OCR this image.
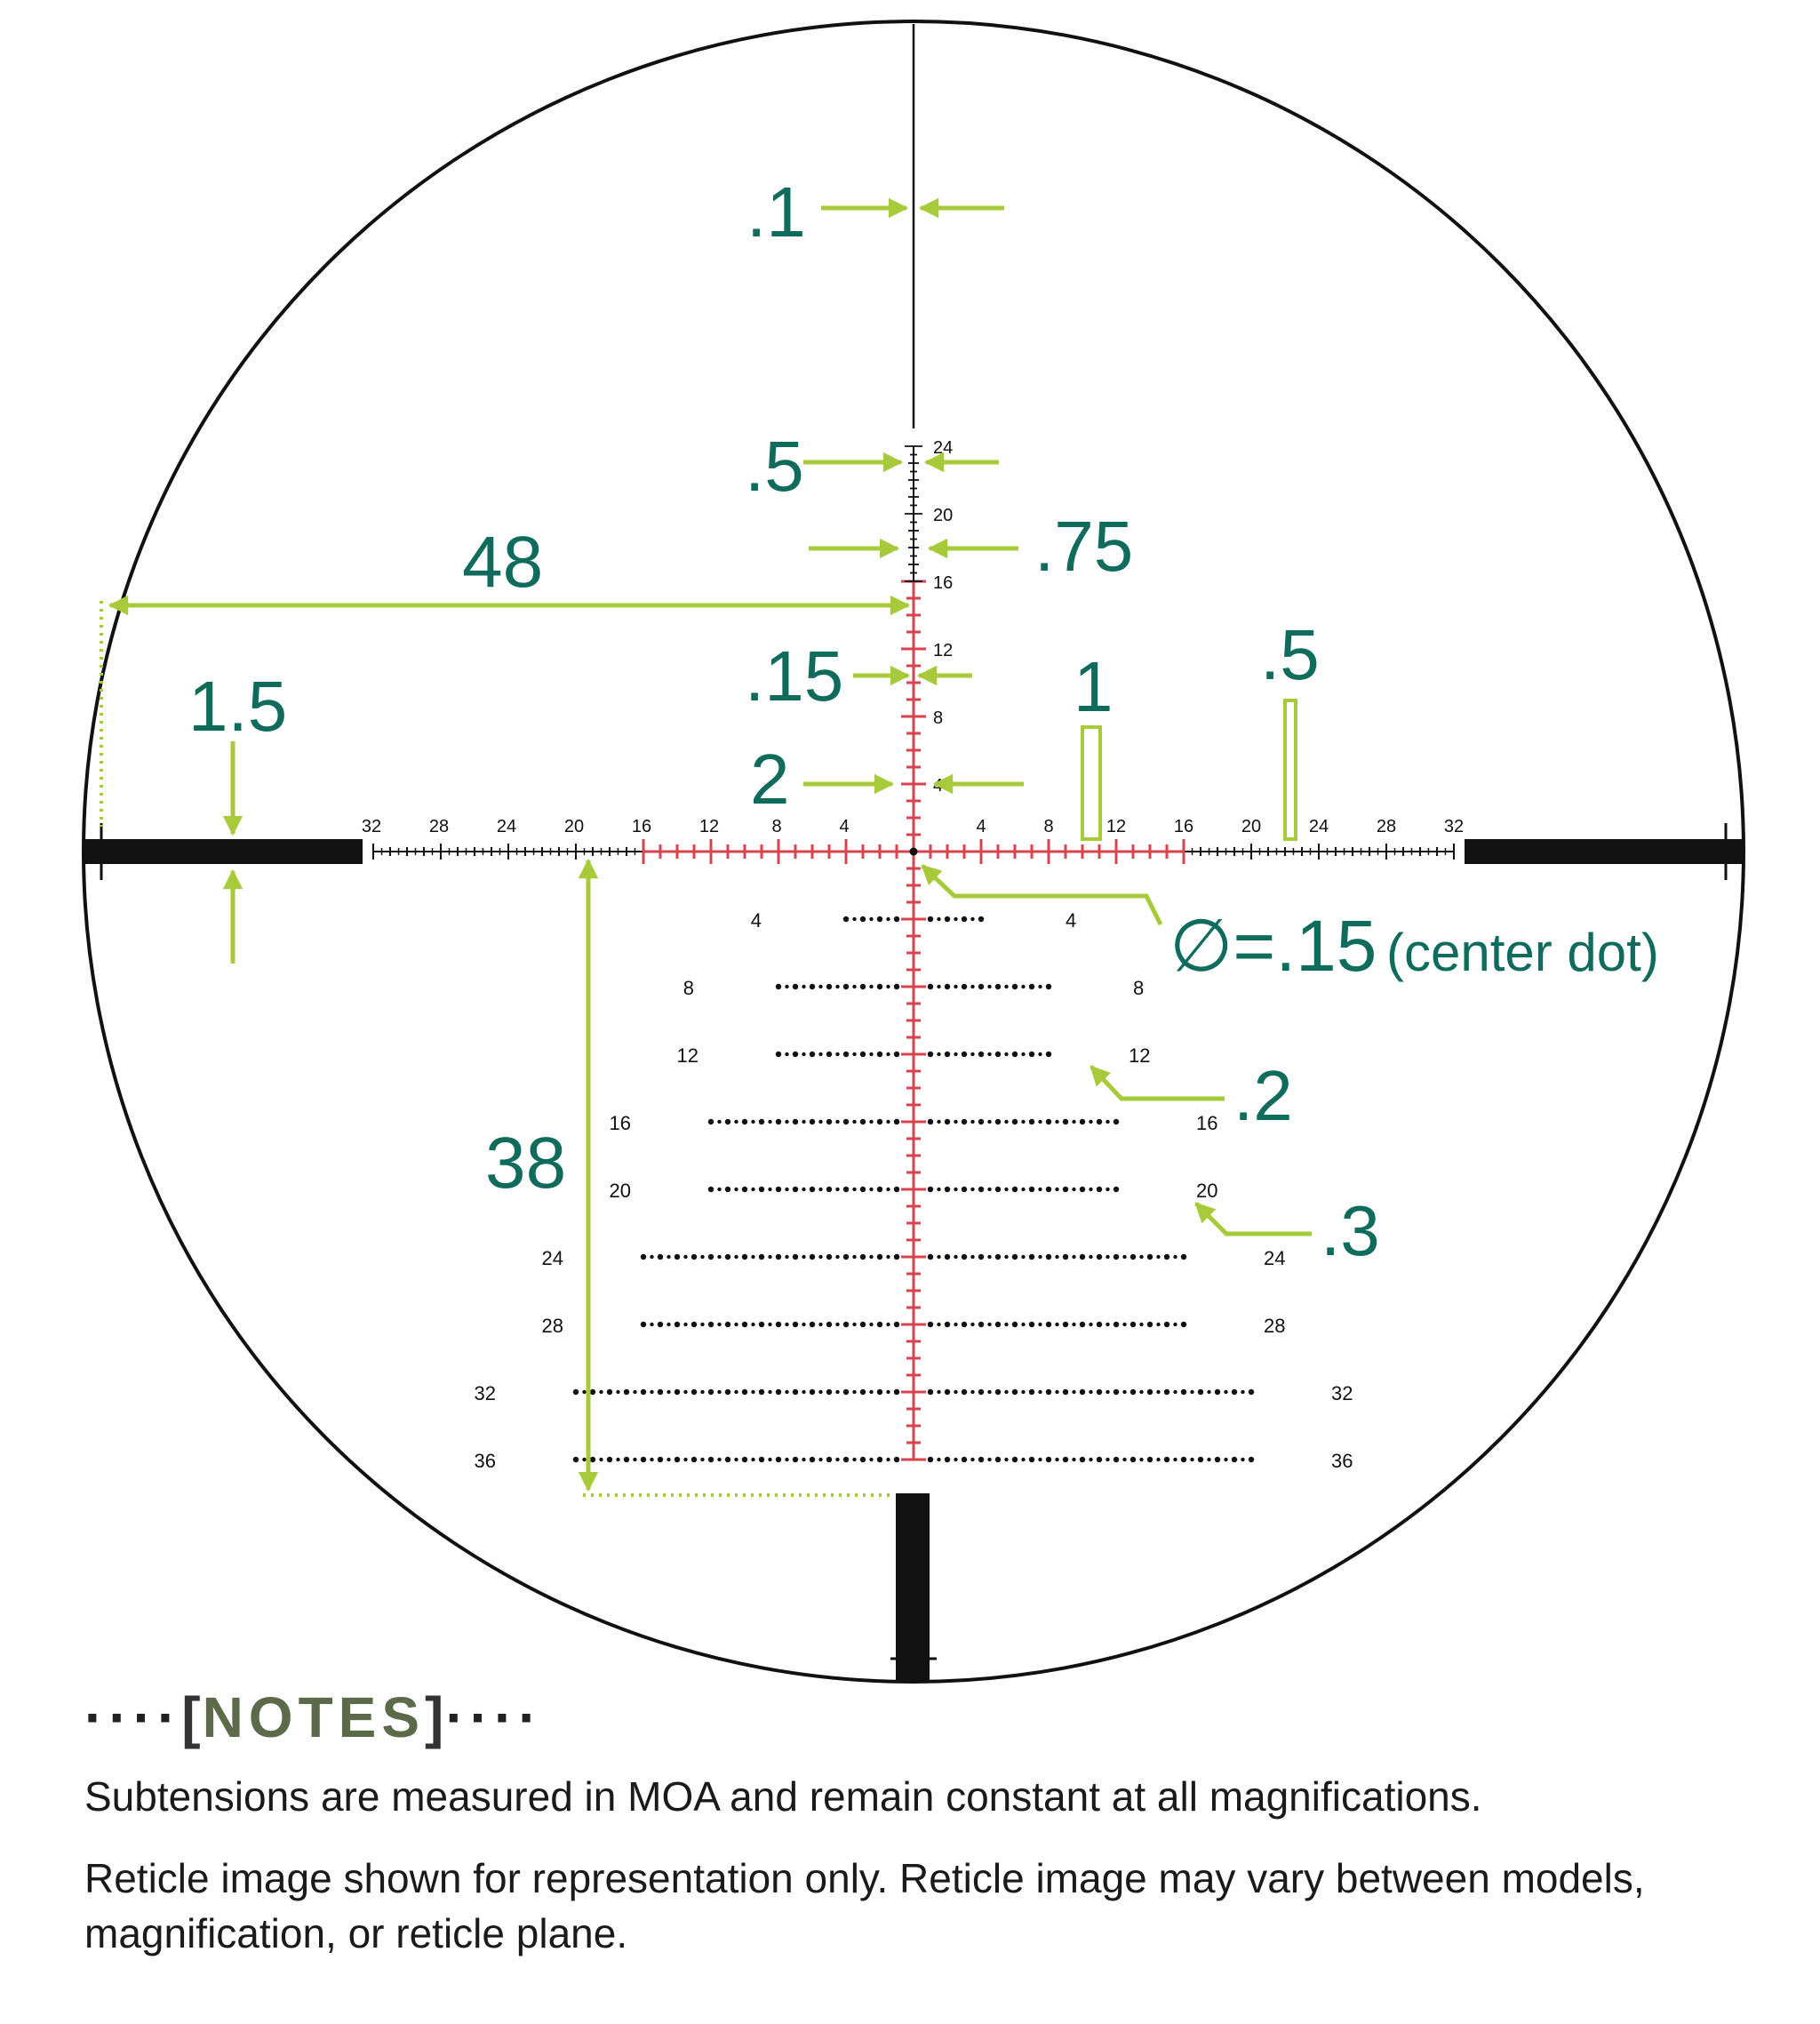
32	28	24	20	16	12	8	4	4	8	12	16	20	24	28	32
24
20
16
12
8
4
4
8
12
16
20
24
28
32
36
4
8
12
16
20
24
28
32
36
.1
.5
.75
48
.15
1.5	1 .5
2
∅=.15 (center dot)
.2
38
.3
····[NOTES]····

Subtensions are measured in MOA and remain constant at all magnifications.

Reticle image shown for representation only. Reticle image may vary between models, magnification, or reticle plane.
